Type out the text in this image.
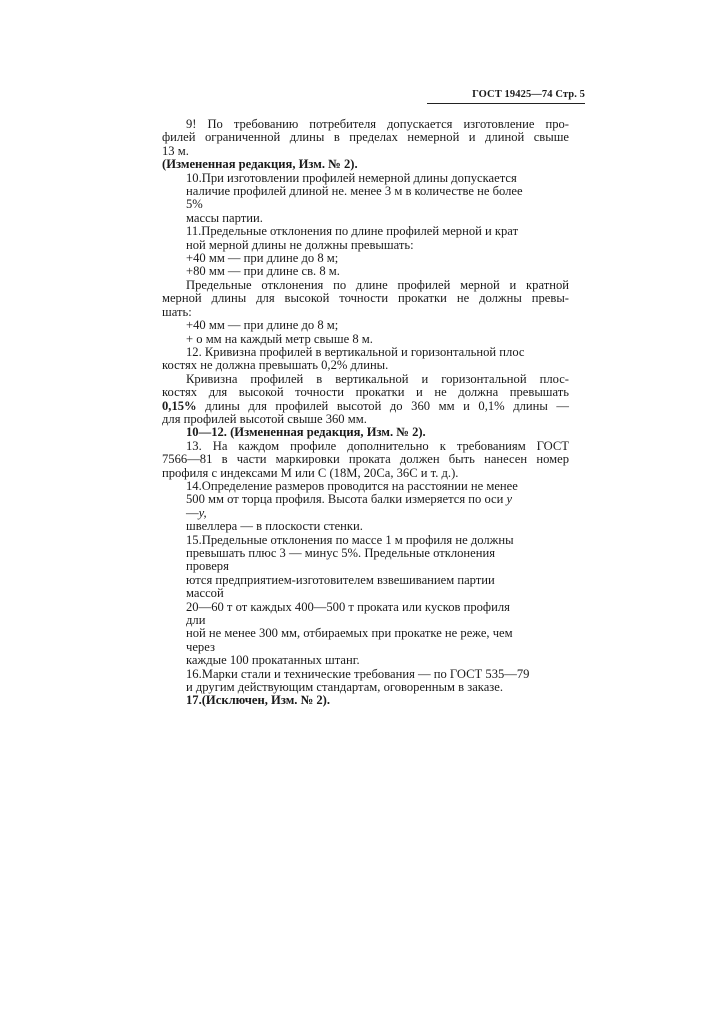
ГОСТ 19425—74 Стр. 5

9! По требованию потребителя допускается изготовление про-

филей ограниченной длины в пределах немерной и длиной свыше

13 м.

(Измененная редакция, Изм. № 2).

10.При изготовлении профилей немерной длины допускается

наличие профилей длиной не. менее 3 м в количестве не более

5%

массы партии.

11.Предельные отклонения по длине профилей мерной и крат

ной мерной длины не должны превышать:

+40 мм — при длине до 8 м;

+80 мм — при длине св. 8 м.

Предельные отклонения по длине профилей мерной и кратной

мерной длины для высокой точности прокатки не должны превы-

шать:

+40 мм — при длине до 8 м;

+ о мм на каждый метр свыше 8 м.

12. Кривизна профилей в вертикальной и горизонтальной плос

костях не должна превышать 0,2% длины.

Кривизна профилей в вертикальной и горизонтальной плос-

костях для высокой точности прокатки и не должна превышать

0,15% длины для профилей высотой до 360 мм и 0,1% длины —

для профилей высотой свыше 360 мм.

10—12. (Измененная редакция, Изм. № 2).

13. На каждом профиле дополнительно к требованиям ГОСТ

7566—81 в части маркировки проката должен быть нанесен номер

профиля с индексами М или С (18М, 20Са, 36С и т. д.).

14.Определение размеров проводится на расстоянии не менее

500 мм от торца профиля. Высота балки измеряется по оси у

—у,

швеллера — в плоскости стенки.

15.Предельные отклонения по массе 1 м профиля не должны

превышать плюс 3 — минус 5%. Предельные отклонения

проверя

ются предприятием-изготовителем взвешиванием партии

массой

20—60 т от каждых 400—500 т проката или кусков профиля

дли

ной не менее 300 мм, отбираемых при прокатке не реже, чем

через

каждые 100 прокатанных штанг.

16.Марки стали и технические требования — по ГОСТ 535—79

и другим действующим стандартам, оговоренным в заказе.

17.(Исключен, Изм. № 2).
